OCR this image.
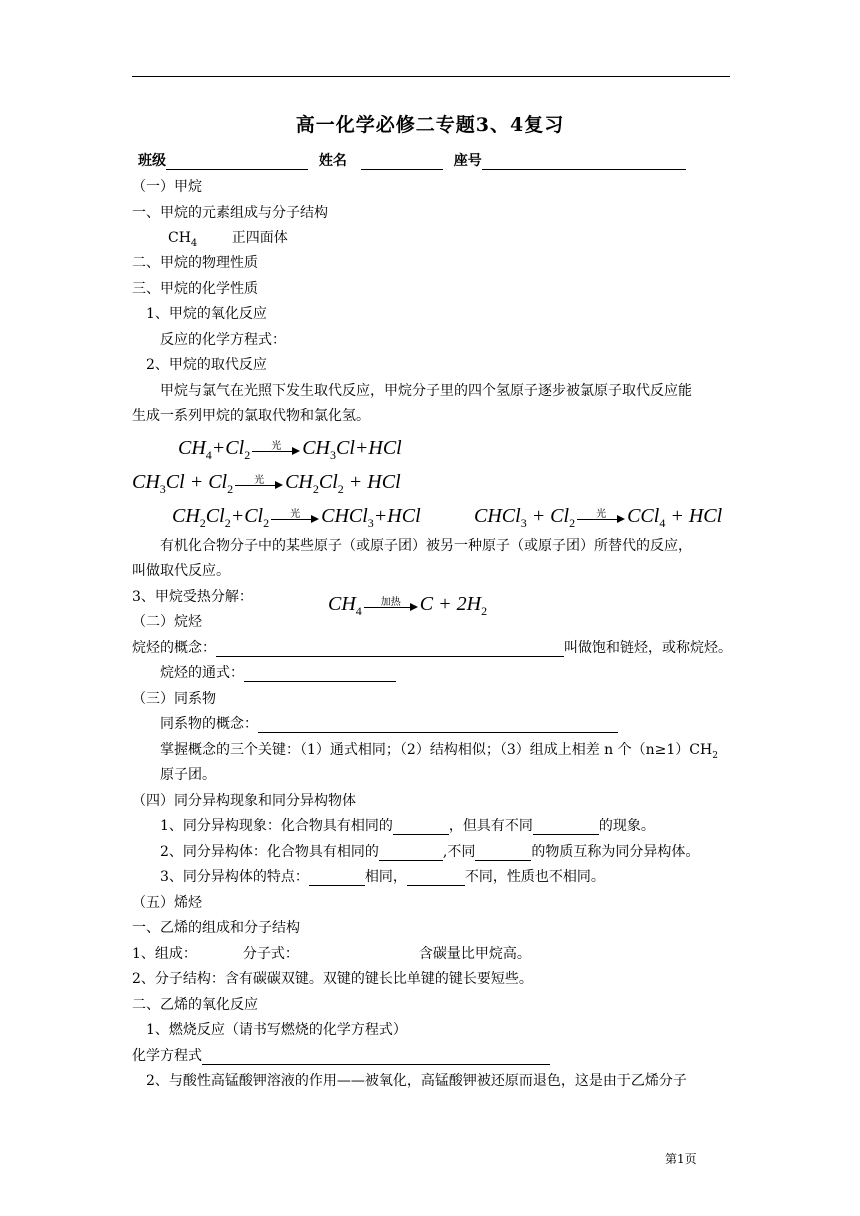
高一化学必修二专题3、4复习
班级	姓名	座号
（一）甲烷
一、甲烷的元素组成与分子结构
$CH_4$ 正四面体
二、甲烷的物理性质
三、甲烷的化学性质
1、甲烷的氧化反应
反应的化学方程式：
2、甲烷的取代反应
甲烷与氯气在光照下发生取代反应，甲烷分子里的四个氢原子逐步被氯原子取代反应能
生成一系列甲烷的氯取代物和氯化氢。
$CH_4+Cl_2$
光	$CH_3Cl+HCl$
$CH_3Cl + Cl_2$
光	$CH_2Cl_2$ + HCl
$CH_2Cl_2+Cl_2$
光	CHCl$_3$+HCl	CHCl$_3$ + $Cl_2$
光	CCl$_4$ + HCl
有机化合物分子中的某些原子（或原子团）被另一种原子（或原子团）所替代的反应，
叫做取代反应。
3、甲烷受热分解：	$CH_4$
加热 $C + 2H_2$
（二）烷烃
烷烃的概念：	叫做饱和链烃，或称烷烃。
烷烃的通式：
（三）同系物
同系物的概念：
掌握概念的三个关键：（1）通式相同；（2）结构相似；（3）组成上相差 n 个$(n\ge 1)CH_2$
原子团。
（四）同分异构现象和同分异构物体
1、同分异构现象：化合物具有相同的	，但具有不同	的现象。
2、同分异构体：化合物具有相同的	,不同	的物质互称为同分异构体。
3、同分异构体的特点：	相同，	不同，性质也不相同。
（五）烯烃
一、乙烯的组成和分子结构
1、组成：	分子式：	含碳量比甲烷高。
2、分子结构：含有碳碳双键。双键的键长比单键的键长要短些。
二、乙烯的氧化反应
1、燃烧反应（请书写燃烧的化学方程式）
化学方程式
2、与酸性高锰酸钾溶液的作用——被氧化，高锰酸钾被还原而退色，这是由于乙烯分子
第1页
